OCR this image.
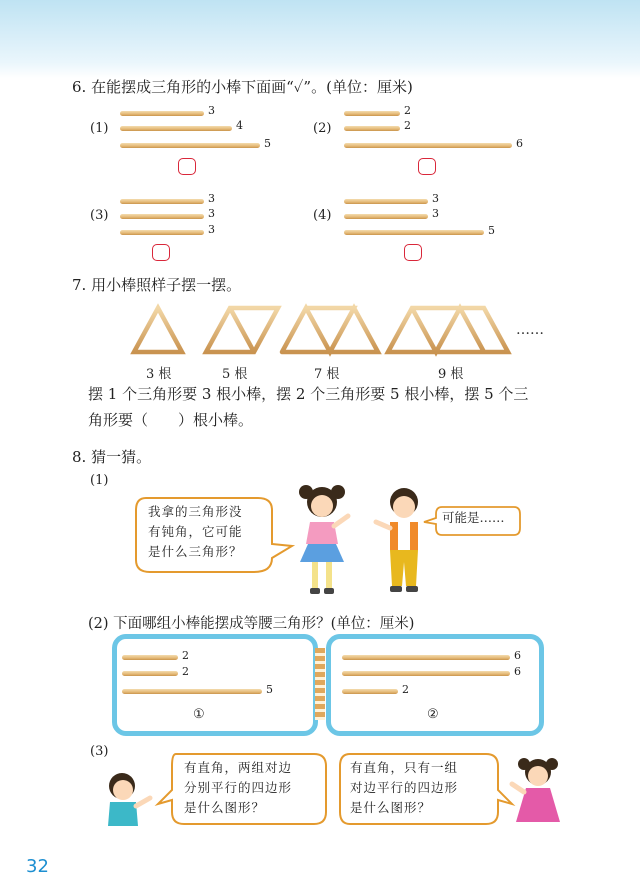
6. 在能摆成三角形的小棒下面画“✓”。(单位：厘米)
(1)
3
4
5
(2)
2
2
6
(3)
3
3
3
(4)
3
3
5
7. 用小棒照样子摆一摆。
……
3 根	5 根	7 根	9 根
摆 1 个三角形要 3 根小棒，摆 2 个三角形要 5 根小棒，摆 5 个三
角形要（　　）根小棒。
8. 猜一猜。
(1)
我拿的三角形没
有钝角，它可能
是什么三角形？
可能是……
(2) 下面哪组小棒能摆成等腰三角形？(单位：厘米)
2
2
5
①
6
6
2
②
(3)
有直角，两组对边
分别平行的四边形
是什么图形？
有直角，只有一组
对边平行的四边形
是什么图形？
32
